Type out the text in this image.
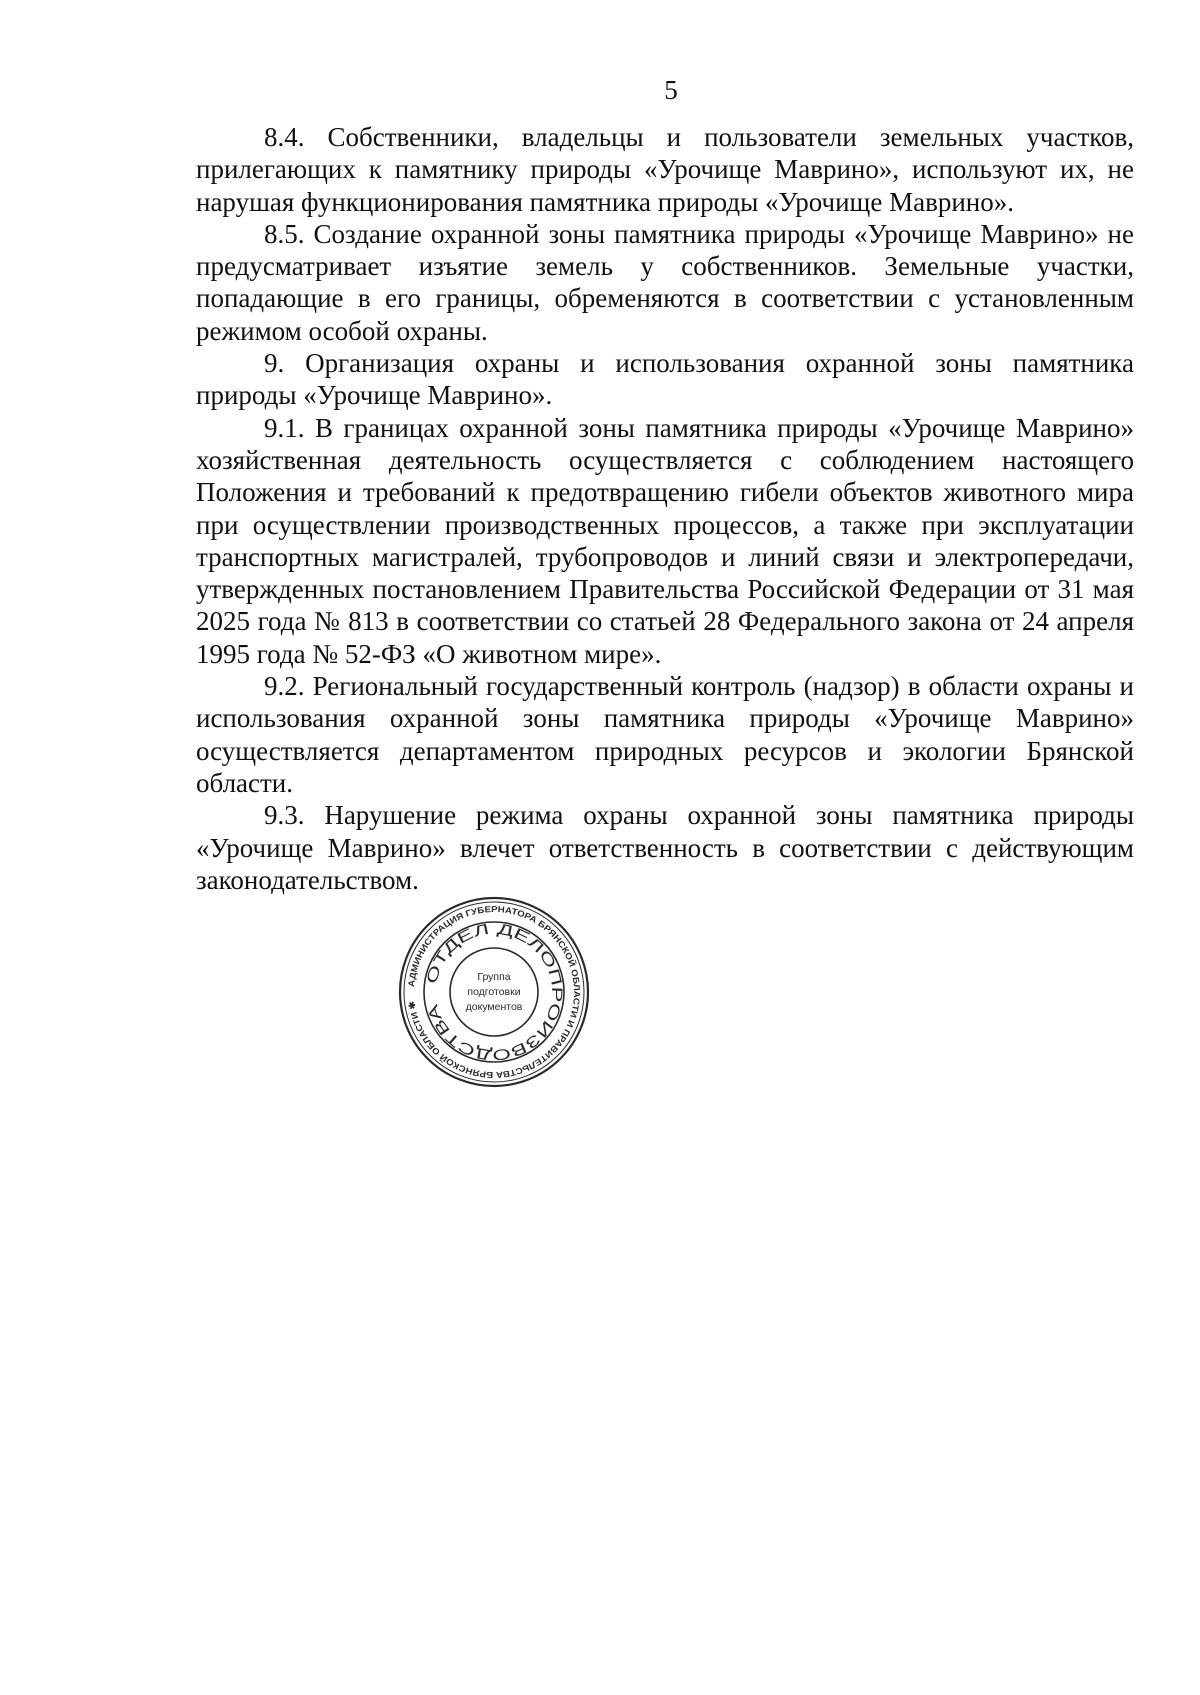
5

8.4. Собственники, владельцы и пользователи земельных участков, прилегающих к памятнику природы «Урочище Маврино», используют их, не нарушая функционирования памятника природы «Урочище Маврино».

8.5. Создание охранной зоны памятника природы «Урочище Маврино» не предусматривает изъятие земель у собственников. Земельные участки, попадающие в его границы, обременяются в соответствии с установленным режимом особой охраны.

9. Организация охраны и использования охранной зоны памятника природы «Урочище Маврино».

9.1. В границах охранной зоны памятника природы «Урочище Маврино» хозяйственная деятельность осуществляется с соблюдением настоящего Положения и требований к предотвращению гибели объектов животного мира при осуществлении производственных процессов, а также при эксплуатации транспортных магистралей, трубопроводов и линий связи и электропередачи, утвержденных постановлением Правительства Российской Федерации от 31 мая 2025 года № 813 в соответствии со статьей 28 Федерального закона от 24 апреля 1995 года № 52-ФЗ «О животном мире».

9.2. Региональный государственный контроль (надзор) в области охраны и использования охранной зоны памятника природы «Урочище Маврино» осуществляется департаментом природных ресурсов и экологии Брянской области.

9.3. Нарушение режима охраны охранной зоны памятника природы «Урочище Маврино» влечет ответственность в соответствии с действующим законодательством.

АДМИНИСТРАЦИЯ ГУБЕРНАТОРА БРЯНСКОЙ ОБЛАСТИ И ПРАВИТЕЛЬСТВА БРЯНСКОЙ ОБЛАСТИ ✱
ОТДЕЛ ДЕЛОПРОИЗВОДСТВА
Группа
подготовки
документов
